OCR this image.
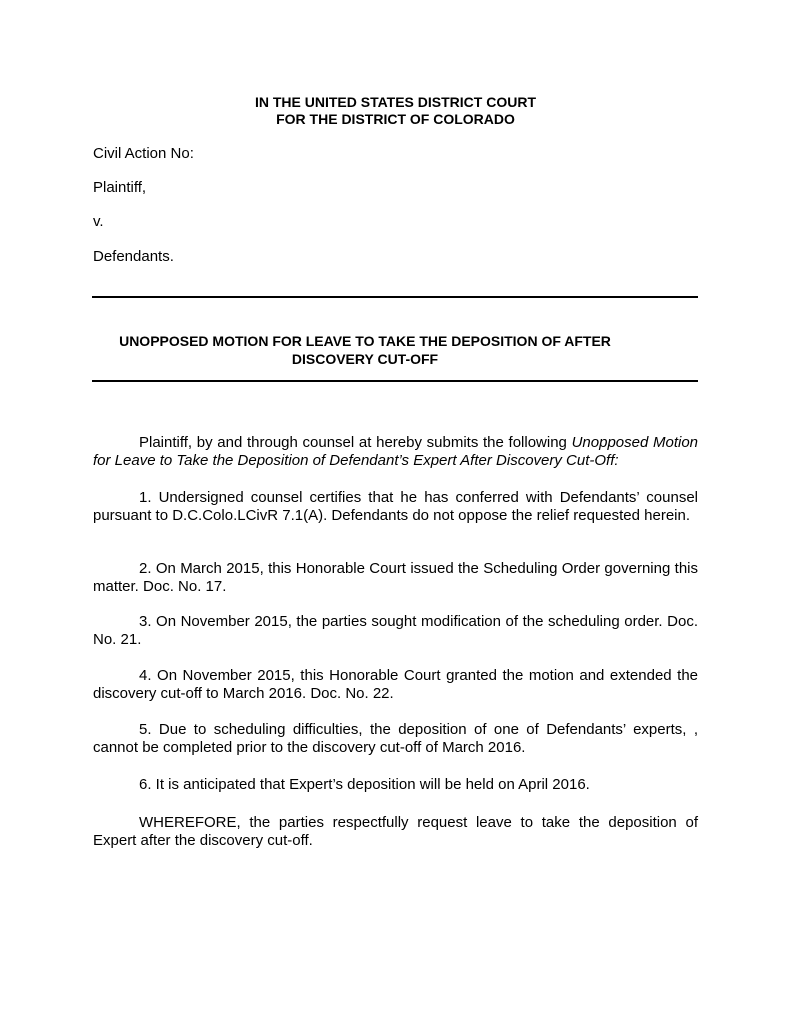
IN THE UNITED STATES DISTRICT COURT

FOR THE DISTRICT OF COLORADO

Civil Action No:

Plaintiff,

v.

Defendants.

UNOPPOSED MOTION FOR LEAVE TO TAKE THE DEPOSITION OF AFTER

DISCOVERY CUT-OFF

Plaintiff, by and through counsel at hereby submits the following Unopposed Motion for Leave to Take the Deposition of Defendant’s Expert After Discovery Cut-Off:

1. Undersigned counsel certifies that he has conferred with Defendants’ counsel pursuant to D.C.Colo.LCivR 7.1(A). Defendants do not oppose the relief requested herein.

2. On March 2015, this Honorable Court issued the Scheduling Order governing this matter. Doc. No. 17.

3. On November 2015, the parties sought modification of the scheduling order. Doc. No. 21.

4. On November 2015, this Honorable Court granted the motion and extended the discovery cut-off to March 2016. Doc. No. 22.

5. Due to scheduling difficulties, the deposition of one of Defendants’ experts, , cannot be completed prior to the discovery cut-off of March 2016.

6. It is anticipated that Expert’s deposition will be held on April 2016.

WHEREFORE, the parties respectfully request leave to take the deposition of Expert after the discovery cut-off.
